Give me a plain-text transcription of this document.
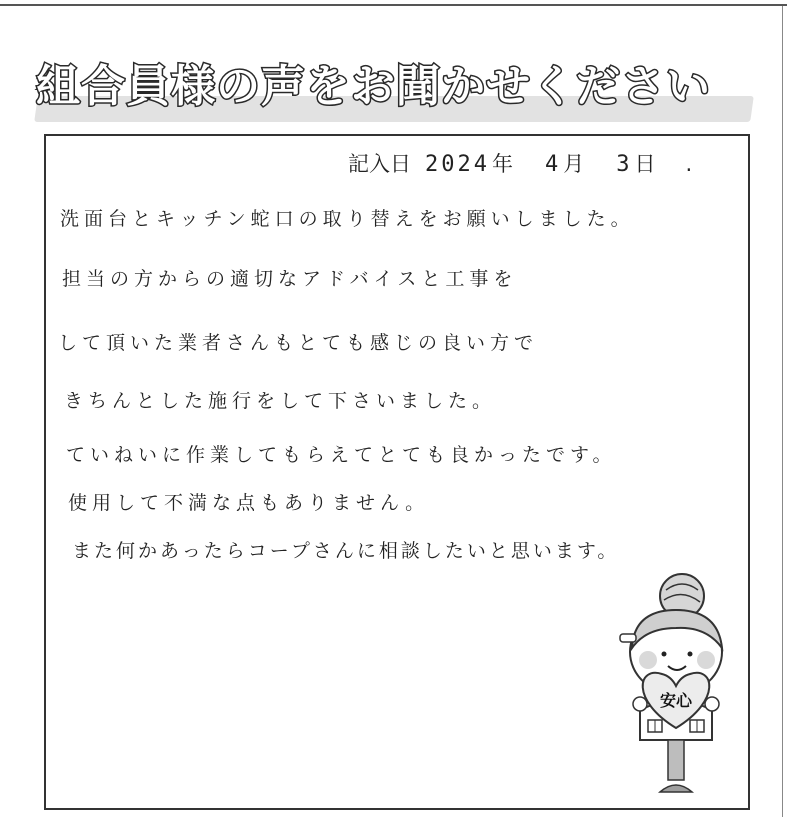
組合員様の声をお聞かせください
記入日 2024 年 4 月 3 日 .
洗面台とキッチン蛇口の取り替えをお願いしました。
担当の方からの適切なアドバイスと工事を
して頂いた業者さんもとても感じの良い方で
きちんとした施行をして下さいました。
ていねいに作業してもらえてとても良かったです。
使用して不満な点もありません。
また何かあったらコープさんに相談したいと思います。
安心
